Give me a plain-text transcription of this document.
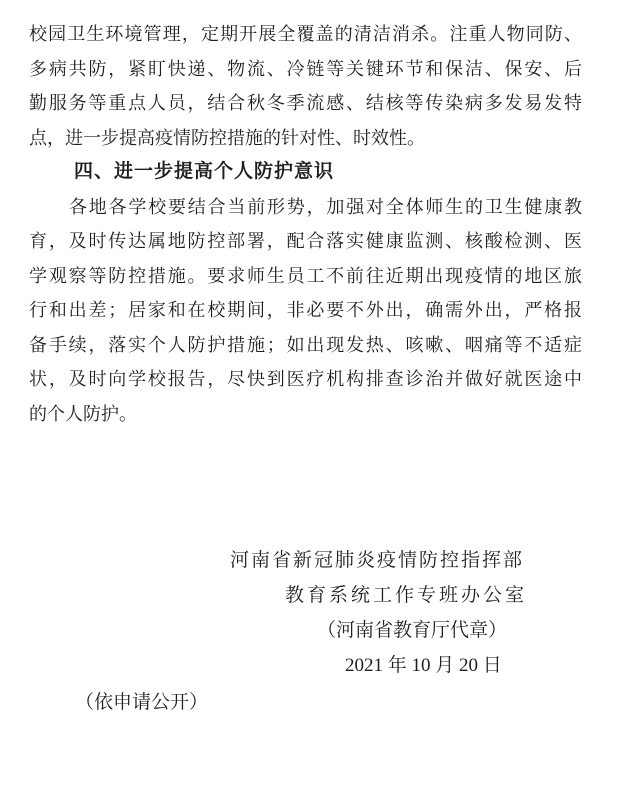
校园卫生环境管理，定期开展全覆盖的清洁消杀。注重人物同防、
多病共防，紧盯快递、物流、冷链等关键环节和保洁、保安、后
勤服务等重点人员，结合秋冬季流感、结核等传染病多发易发特
点，进一步提高疫情防控措施的针对性、时效性。
四、进一步提高个人防护意识
各地各学校要结合当前形势，加强对全体师生的卫生健康教
育，及时传达属地防控部署，配合落实健康监测、核酸检测、医
学观察等防控措施。要求师生员工不前往近期出现疫情的地区旅
行和出差；居家和在校期间，非必要不外出，确需外出，严格报
备手续，落实个人防护措施；如出现发热、咳嗽、咽痛等不适症
状，及时向学校报告，尽快到医疗机构排查诊治并做好就医途中
的个人防护。
河南省新冠肺炎疫情防控指挥部
教育系统工作专班办公室
（河南省教育厅代章）
2021 年 10 月 20 日
（依申请公开）
